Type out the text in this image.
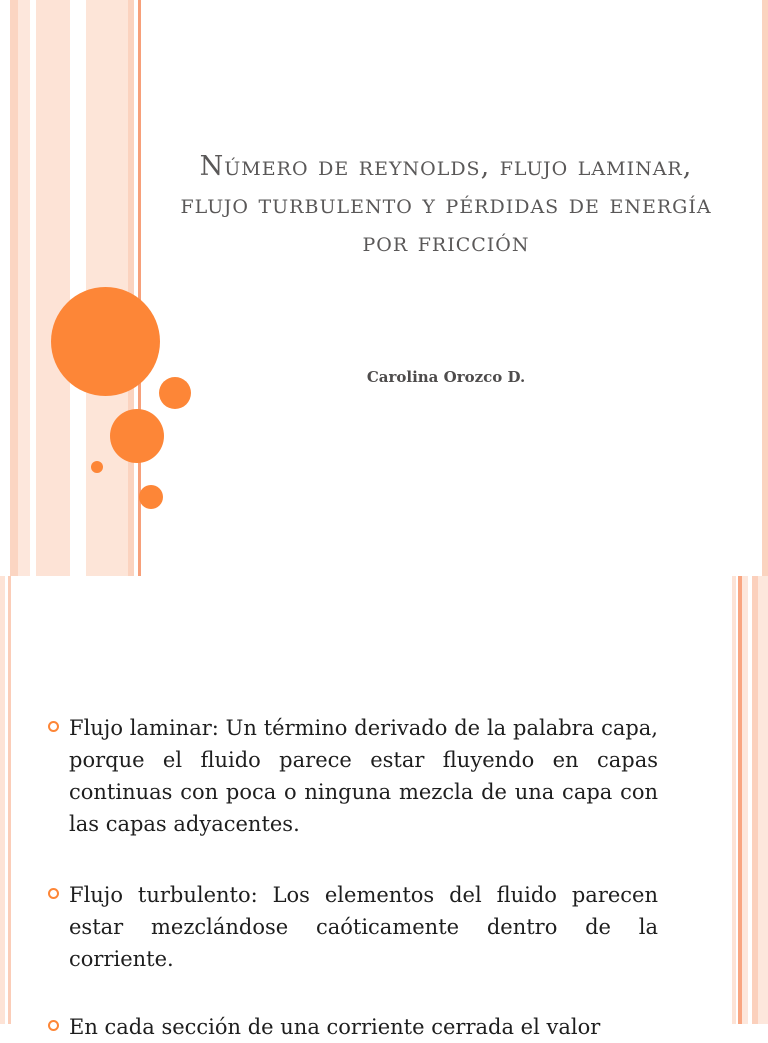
Número de reynolds, flujo laminar, flujo turbulento y pérdidas de energía por fricción
Carolina Orozco D.
Flujo laminar: Un término derivado de la palabra capa, porque el fluido parece estar fluyendo en capas continuas con poca o ninguna mezcla de una capa con las capas adyacentes.
Flujo turbulento: Los elementos del fluido parecen estar mezclándose caóticamente dentro de la corriente.
En cada sección de una corriente cerrada el valor
